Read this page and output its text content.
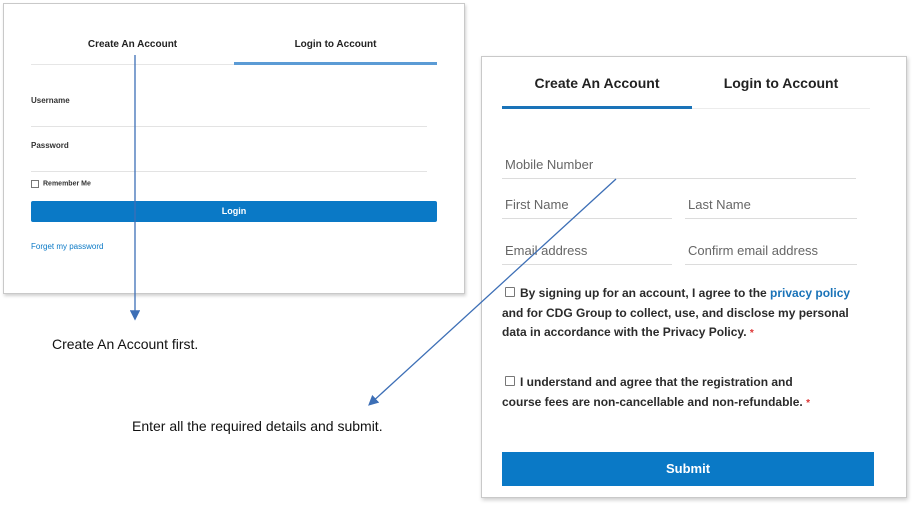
Create An Account	Login to Account
Username
Password
Remember Me
Login
Forget my password
Create An Account	Login to Account
Mobile Number
First Name
Last Name
Email address
Confirm email address
By signing up for an account, I agree to the privacy policy and for CDG Group to collect, use, and disclose my personal data in accordance with the Privacy Policy. *
I understand and agree that the registration and course fees are non-cancellable and non-refundable. *
Submit
Create An Account first.
Enter all the required details and submit.
